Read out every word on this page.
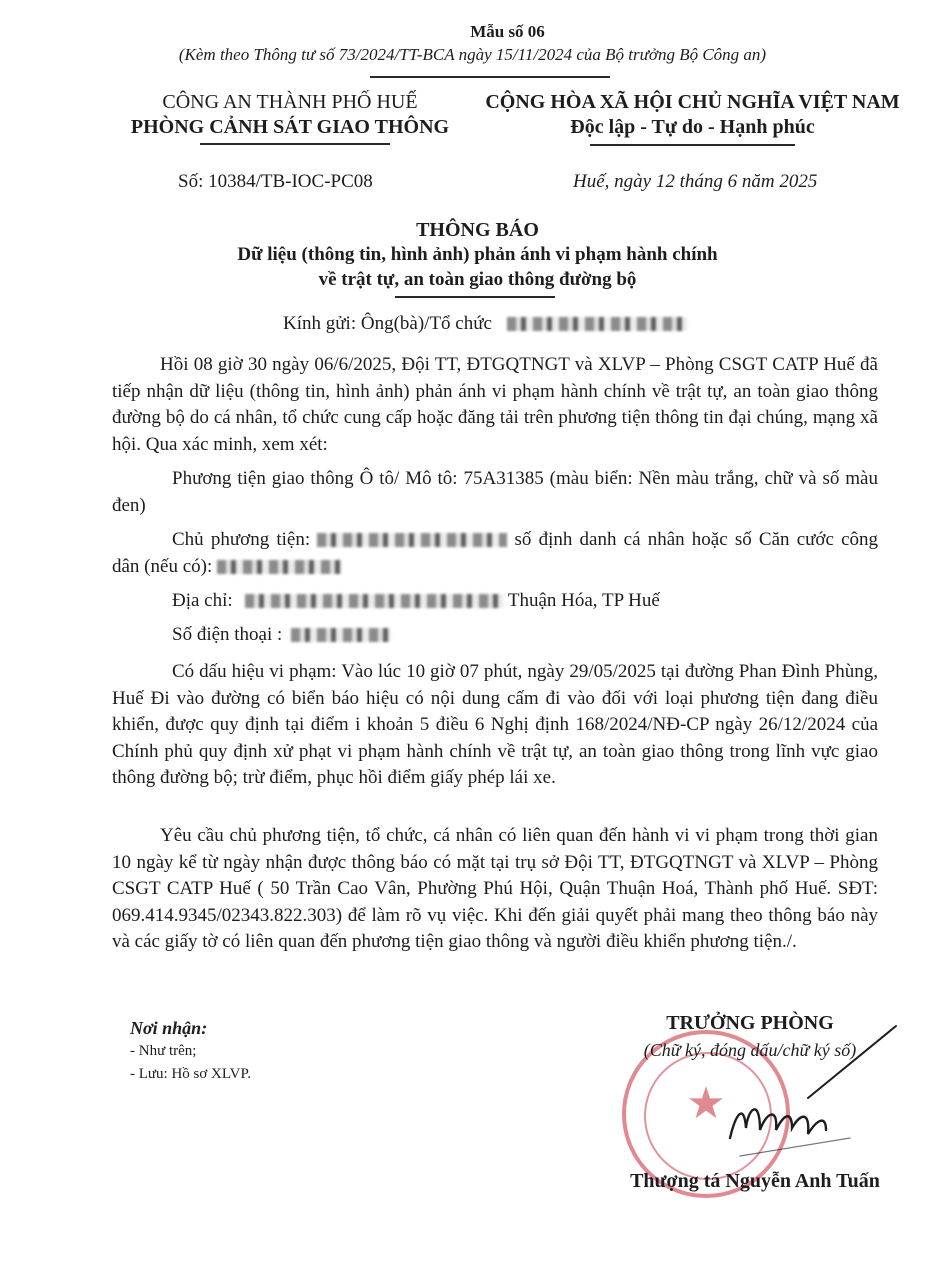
Mẫu số 06
(Kèm theo Thông tư số 73/2024/TT-BCA ngày 15/11/2024 của Bộ trưởng Bộ Công an)
CÔNG AN THÀNH PHỐ HUẾ
PHÒNG CẢNH SÁT GIAO THÔNG
CỘNG HÒA XÃ HỘI CHỦ NGHĨA VIỆT NAM
Độc lập - Tự do - Hạnh phúc
Số: 10384/TB-IOC-PC08	Huế, ngày 12 tháng 6 năm 2025
THÔNG BÁO
Dữ liệu (thông tin, hình ảnh) phản ánh vi phạm hành chính
về trật tự, an toàn giao thông đường bộ
Kính gửi: Ông(bà)/Tổ chức
Hồi 08 giờ 30 ngày 06/6/2025, Đội TT, ĐTGQTNGT và XLVP – Phòng CSGT CATP Huế đã tiếp nhận dữ liệu (thông tin, hình ảnh) phản ánh vi phạm hành chính về trật tự, an toàn giao thông đường bộ do cá nhân, tổ chức cung cấp hoặc đăng tải trên phương tiện thông tin đại chúng, mạng xã hội. Qua xác minh, xem xét:
Phương tiện giao thông Ô tô/ Mô tô: 75A31385 (màu biển: Nền màu trắng, chữ và số màu đen)
Chủ phương tiện:	số định danh cá nhân hoặc số Căn cước công dân (nếu có):
Địa chỉ:	Thuận Hóa, TP Huế
Số điện thoại :
Có dấu hiệu vi phạm: Vào lúc 10 giờ 07 phút, ngày 29/05/2025 tại đường Phan Đình Phùng, Huế Đi vào đường có biển báo hiệu có nội dung cấm đi vào đối với loại phương tiện đang điều khiển, được quy định tại điểm i khoản 5 điều 6 Nghị định 168/2024/NĐ-CP ngày 26/12/2024 của Chính phủ quy định xử phạt vi phạm hành chính về trật tự, an toàn giao thông trong lĩnh vực giao thông đường bộ; trừ điểm, phục hồi điểm giấy phép lái xe.
Yêu cầu chủ phương tiện, tổ chức, cá nhân có liên quan đến hành vi vi phạm trong thời gian 10 ngày kể từ ngày nhận được thông báo có mặt tại trụ sở Đội TT, ĐTGQTNGT và XLVP – Phòng CSGT CATP Huế ( 50 Trần Cao Vân, Phường Phú Hội, Quận Thuận Hoá, Thành phố Huế. SĐT: 069.414.9345/02343.822.303) để làm rõ vụ việc. Khi đến giải quyết phải mang theo thông báo này và các giấy tờ có liên quan đến phương tiện giao thông và người điều khiển phương tiện./.
Nơi nhận:
- Như trên;
- Lưu: Hồ sơ XLVP.
★
TRƯỞNG PHÒNG
(Chữ ký, đóng dấu/chữ ký số)
Thượng tá Nguyễn Anh Tuấn
